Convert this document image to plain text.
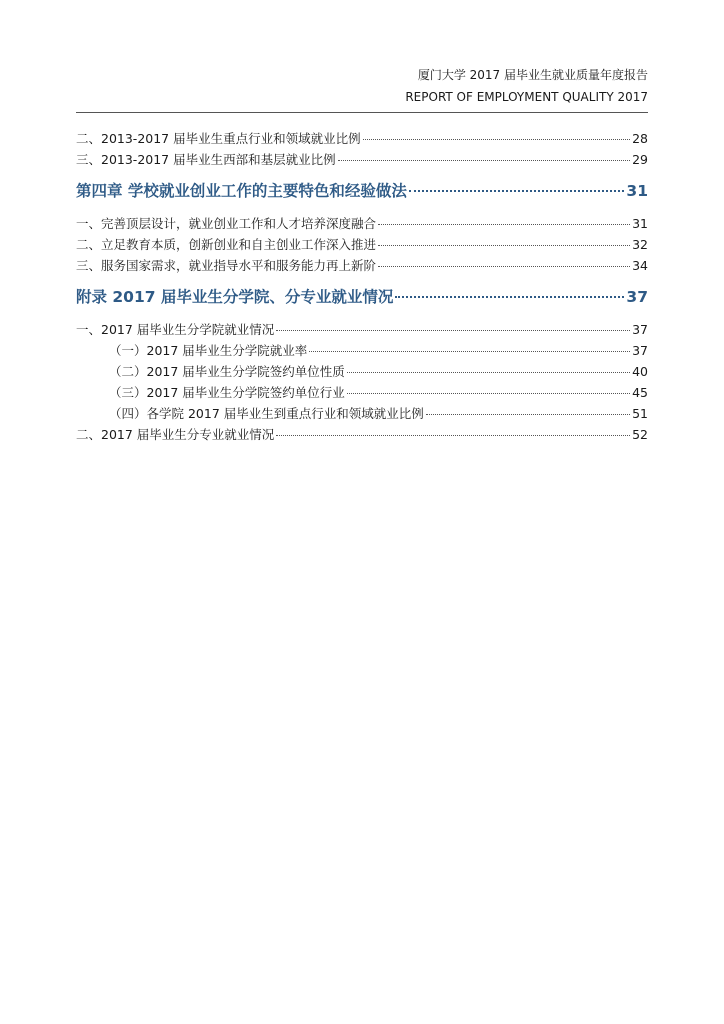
厦门大学 2017 届毕业生就业质量年度报告
REPORT OF EMPLOYMENT QUALITY 2017
二、2013-2017 届毕业生重点行业和领域就业比例	28
三、2013-2017 届毕业生西部和基层就业比例	29
第四章 学校就业创业工作的主要特色和经验做法	31
一、完善顶层设计，就业创业工作和人才培养深度融合	31
二、立足教育本质，创新创业和自主创业工作深入推进	32
三、服务国家需求，就业指导水平和服务能力再上新阶	34
附录 2017 届毕业生分学院、分专业就业情况	37
一、2017 届毕业生分学院就业情况	37
（一）2017 届毕业生分学院就业率	37
（二）2017 届毕业生分学院签约单位性质	40
（三）2017 届毕业生分学院签约单位行业	45
（四）各学院 2017 届毕业生到重点行业和领域就业比例	51
二、2017 届毕业生分专业就业情况	52
